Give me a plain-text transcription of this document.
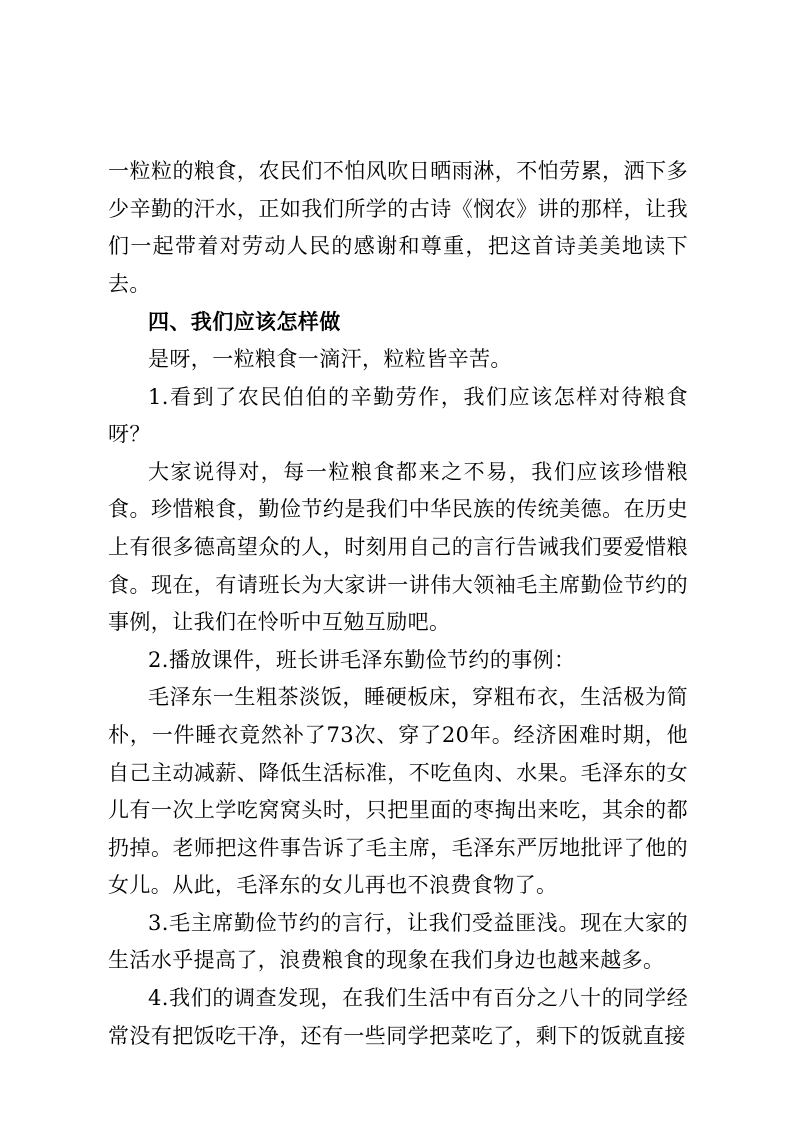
一粒粒的粮食，农民们不怕风吹日晒雨淋，不怕劳累，洒下多少辛勤的汗水，正如我们所学的古诗《悯农》讲的那样，让我们一起带着对劳动人民的感谢和尊重，把这首诗美美地读下去。

四、我们应该怎样做

是呀，一粒粮食一滴汗，粒粒皆辛苦。

1.看到了农民伯伯的辛勤劳作，我们应该怎样对待粮食呀？

大家说得对，每一粒粮食都来之不易，我们应该珍惜粮食。珍惜粮食，勤俭节约是我们中华民族的传统美德。在历史上有很多德高望众的人，时刻用自己的言行告诫我们要爱惜粮食。现在，有请班长为大家讲一讲伟大领袖毛主席勤俭节约的事例，让我们在怜听中互勉互励吧。

2.播放课件，班长讲毛泽东勤俭节约的事例：

毛泽东一生粗茶淡饭，睡硬板床，穿粗布衣，生活极为简朴，一件睡衣竟然补了73次、穿了20年。经济困难时期，他自己主动减薪、降低生活标准，不吃鱼肉、水果。毛泽东的女儿有一次上学吃窝窝头时，只把里面的枣掏出来吃，其余的都扔掉。老师把这件事告诉了毛主席，毛泽东严厉地批评了他的女儿。从此，毛泽东的女儿再也不浪费食物了。

3.毛主席勤俭节约的言行，让我们受益匪浅。现在大家的生活水乎提高了，浪费粮食的现象在我们身边也越来越多。

4.我们的调查发现，在我们生活中有百分之八十的同学经常没有把饭吃干净，还有一些同学把菜吃了，剩下的饭就直接
